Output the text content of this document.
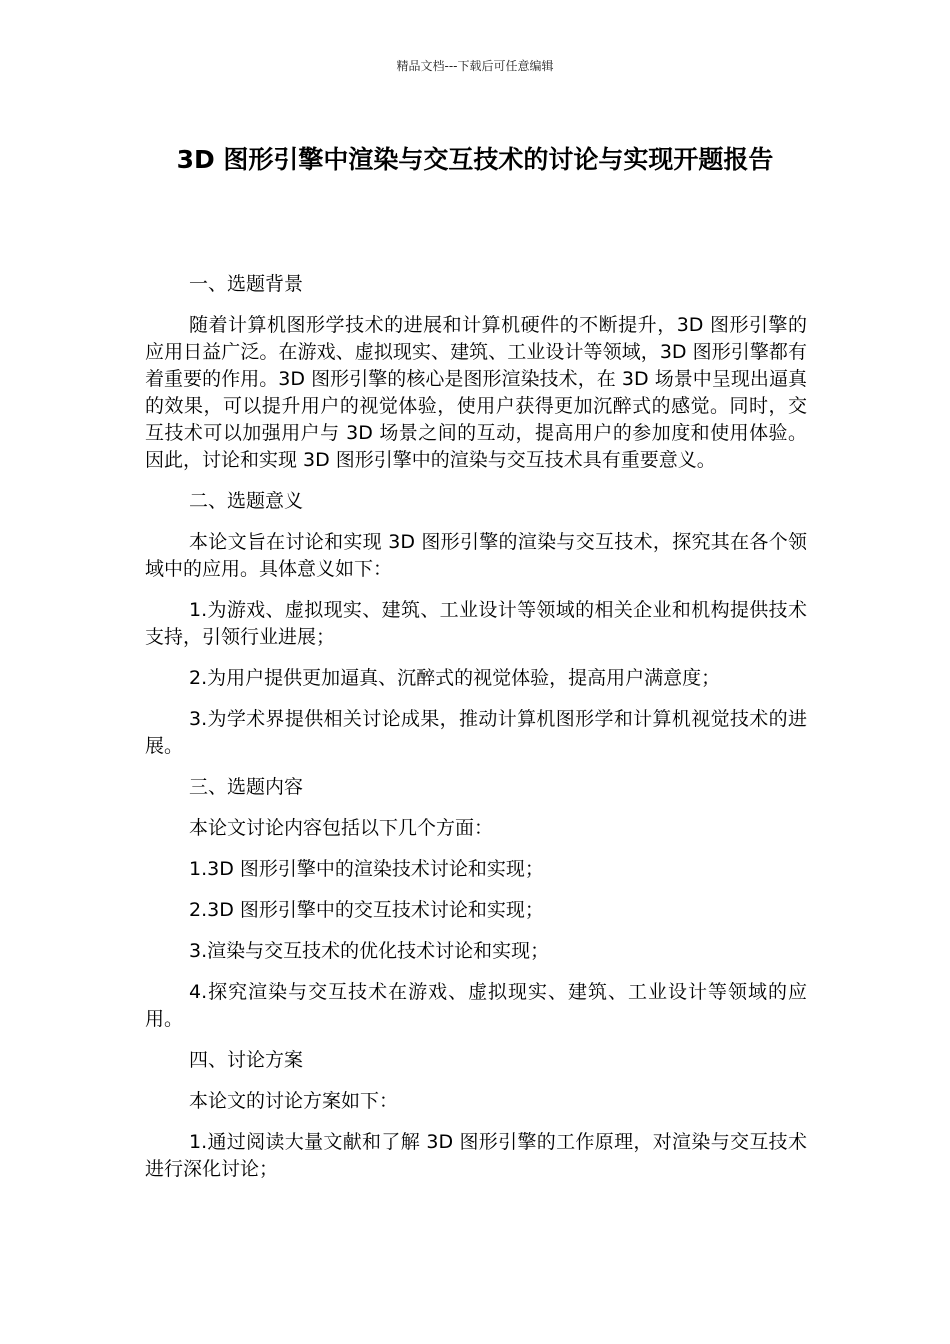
精品文档---下载后可任意编辑
3D 图形引擎中渲染与交互技术的讨论与实现开题报告

一、选题背景

随着计算机图形学技术的进展和计算机硬件的不断提升，3D 图形引擎的应用日益广泛。在游戏、虚拟现实、建筑、工业设计等领域，3D 图形引擎都有着重要的作用。3D 图形引擎的核心是图形渲染技术，在 3D 场景中呈现出逼真的效果，可以提升用户的视觉体验，使用户获得更加沉醉式的感觉。同时，交互技术可以加强用户与 3D 场景之间的互动，提高用户的参加度和使用体验。因此，讨论和实现 3D 图形引擎中的渲染与交互技术具有重要意义。

二、选题意义

本论文旨在讨论和实现 3D 图形引擎的渲染与交互技术，探究其在各个领域中的应用。具体意义如下：

1.为游戏、虚拟现实、建筑、工业设计等领域的相关企业和机构提供技术支持，引领行业进展；

2.为用户提供更加逼真、沉醉式的视觉体验，提高用户满意度；

3.为学术界提供相关讨论成果，推动计算机图形学和计算机视觉技术的进展。

三、选题内容

本论文讨论内容包括以下几个方面：

1.3D 图形引擎中的渲染技术讨论和实现；

2.3D 图形引擎中的交互技术讨论和实现；

3.渲染与交互技术的优化技术讨论和实现；

4.探究渲染与交互技术在游戏、虚拟现实、建筑、工业设计等领域的应用。

四、讨论方案

本论文的讨论方案如下：

1.通过阅读大量文献和了解 3D 图形引擎的工作原理，对渲染与交互技术进行深化讨论；
